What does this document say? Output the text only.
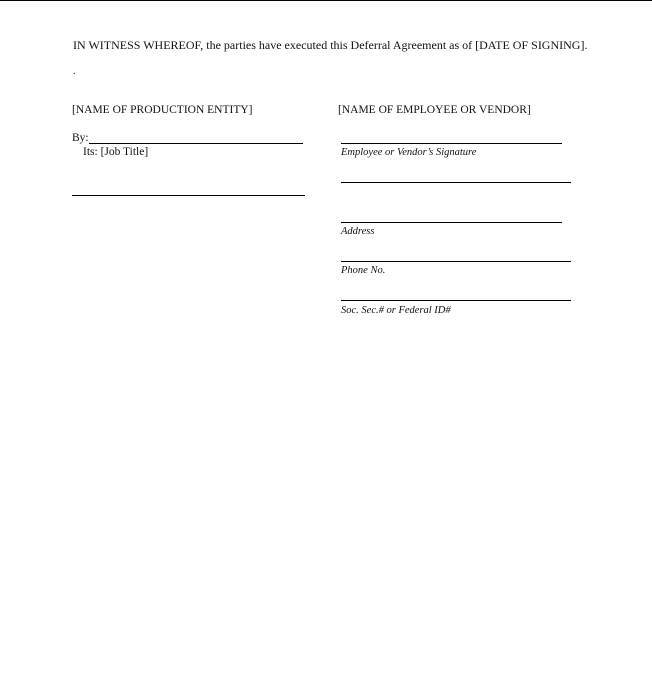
IN WITNESS WHEREOF, the parties have executed this Deferral Agreement as of [DATE OF SIGNING].
.
[NAME OF PRODUCTION ENTITY]	[NAME OF EMPLOYEE OR VENDOR]
By:
Its: [Job Title]	Employee or Vendor’s Signature
Address
Phone No.
Soc. Sec.# or Federal ID#
